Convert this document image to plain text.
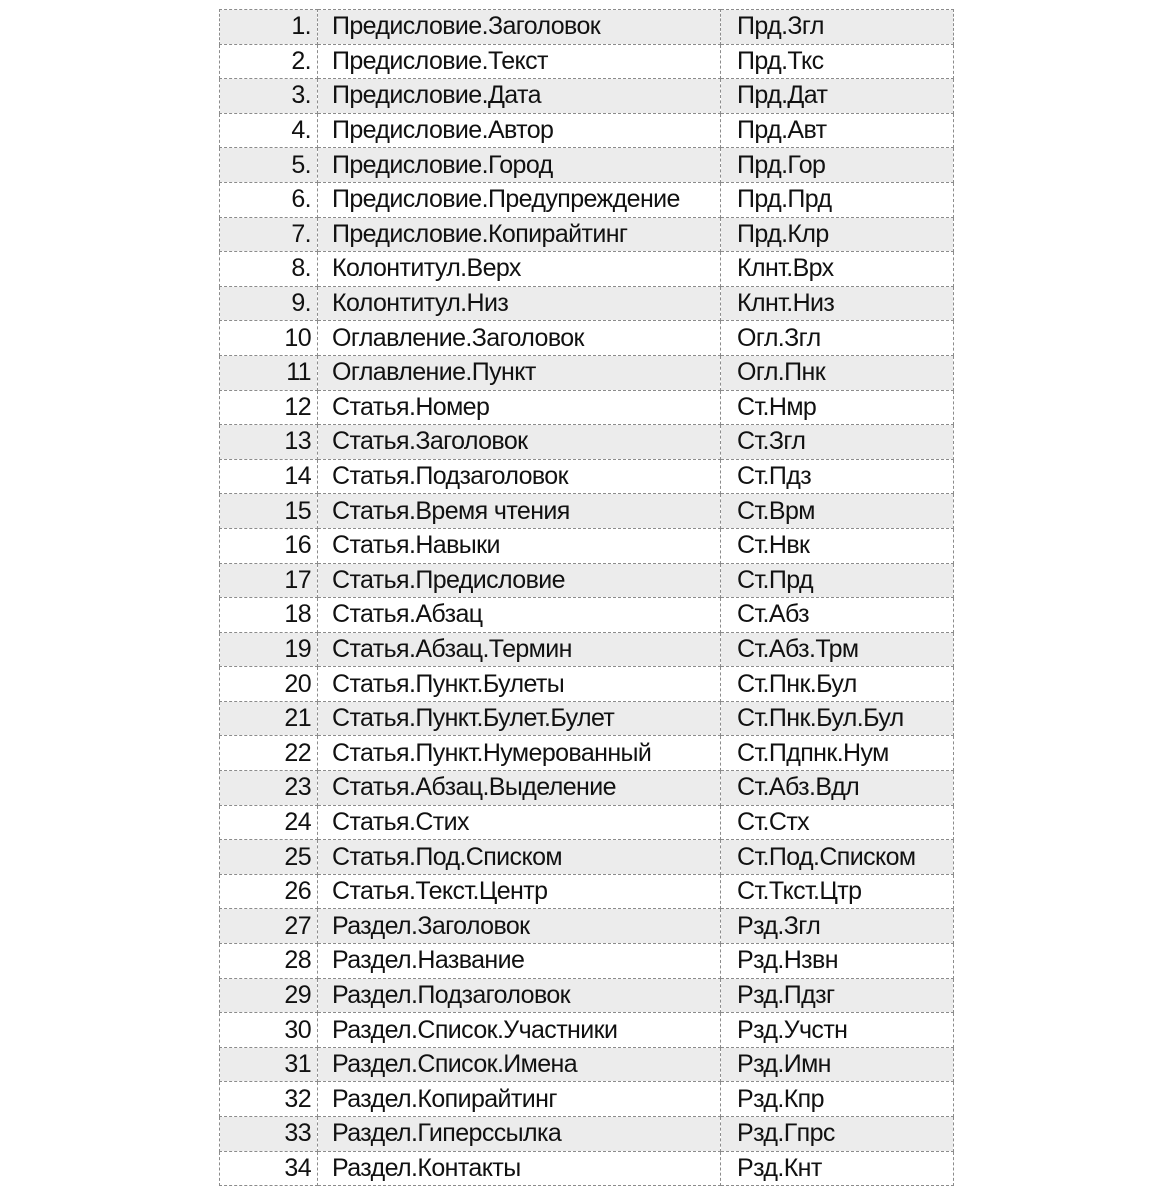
1.	Предисловие.Заголовок	Прд.Згл
2.	Предисловие.Текст	Прд.Ткс
3.	Предисловие.Дата	Прд.Дат
4.	Предисловие.Автор	Прд.Авт
5.	Предисловие.Город	Прд.Гор
6.	Предисловие.Предупреждение	Прд.Прд
7.	Предисловие.Копирайтинг	Прд.Клр
8.	Колонтитул.Верх	Клнт.Врх
9.	Колонтитул.Низ	Клнт.Низ
10	Оглавление.Заголовок	Огл.Згл
11	Оглавление.Пункт	Огл.Пнк
12	Статья.Номер	Ст.Нмр
13	Статья.Заголовок	Ст.Згл
14	Статья.Подзаголовок	Ст.Пдз
15	Статья.Время чтения	Ст.Врм
16	Статья.Навыки	Ст.Нвк
17	Статья.Предисловие	Ст.Прд
18	Статья.Абзац	Ст.Абз
19	Статья.Абзац.Термин	Ст.Абз.Трм
20	Статья.Пункт.Булеты	Ст.Пнк.Бул
21	Статья.Пункт.Булет.Булет	Ст.Пнк.Бул.Бул
22	Статья.Пункт.Нумерованный	Ст.Пдпнк.Нум
23	Статья.Абзац.Выделение	Ст.Абз.Вдл
24	Статья.Стих	Ст.Стх
25	Статья.Под.Списком	Ст.Под.Списком
26	Статья.Текст.Центр	Ст.Ткст.Цтр
27	Раздел.Заголовок	Рзд.Згл
28	Раздел.Название	Рзд.Нзвн
29	Раздел.Подзаголовок	Рзд.Пдзг
30	Раздел.Список.Участники	Рзд.Учстн
31	Раздел.Список.Имена	Рзд.Имн
32	Раздел.Копирайтинг	Рзд.Кпр
33	Раздел.Гиперссылка	Рзд.Гпрс
34	Раздел.Контакты	Рзд.Кнт
